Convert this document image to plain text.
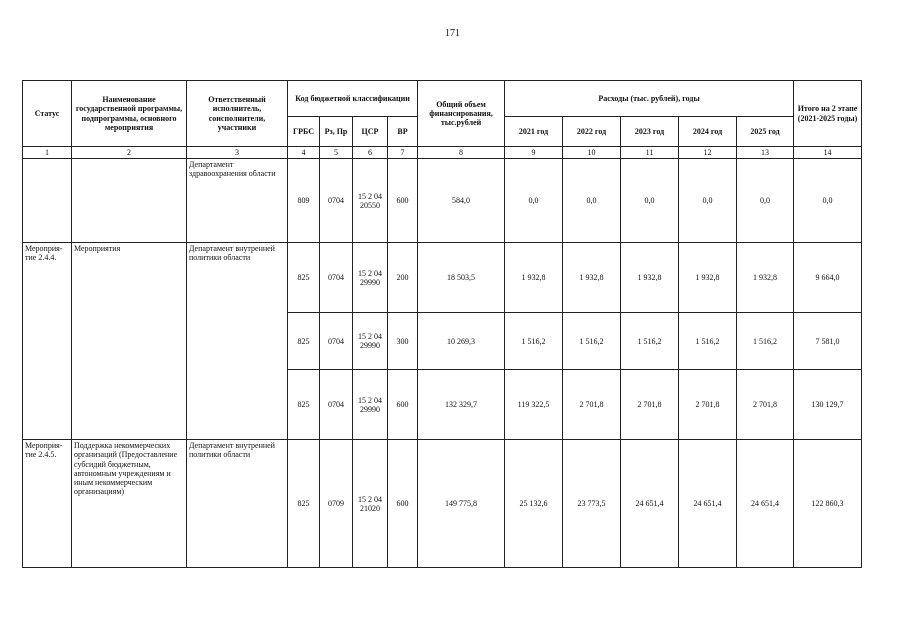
171
Статус	Наименование государственной программы, подпрограммы, основного мероприятия	Ответственный исполнитель, соисполнители, участники	Код бюджетной классификации				Общий объем финансирования, тыс.рублей	Расходы (тыс. рублей), годы					Итого на 2 этапе (2021-2025 годы)
			ГРБС	Рз, Пр	ЦСР	ВР		2021 год	2022 год	2023 год	2024 год	2025 год	
1	2	3	4	5	6	7	8	9	10	11	12	13	14
		Департамент здравоохранения области	809	0704	15 2 04 20550	600	584,0	0,0	0,0	0,0	0,0	0,0	0,0
Мероприя-тие 2.4.4.	Мероприятия	Департамент внутренней политики области	825	0704	15 2 04 29990	200	18 503,5	1 932,8	1 932,8	1 932,8	1 932,8	1 932,8	9 664,0
			825	0704	15 2 04 29990	300	10 269,3	1 516,2	1 516,2	1 516,2	1 516,2	1 516,2	7 581,0
			825	0704	15 2 04 29990	600	132 329,7	119 322,5	2 701,8	2 701,8	2 701,8	2 701,8	130 129,7
Мероприя-тие 2.4.5.	Поддержка некоммерческих организаций (Предоставление субсидий бюджетным, автономным учреждениям и иным некоммерческим организациям)	Департамент внутренней политики области	825	0709	15 2 04 21020	600	149 775,8	25 132,6	23 773,5	24 651,4	24 651,4	24 651,4	122 860,3
